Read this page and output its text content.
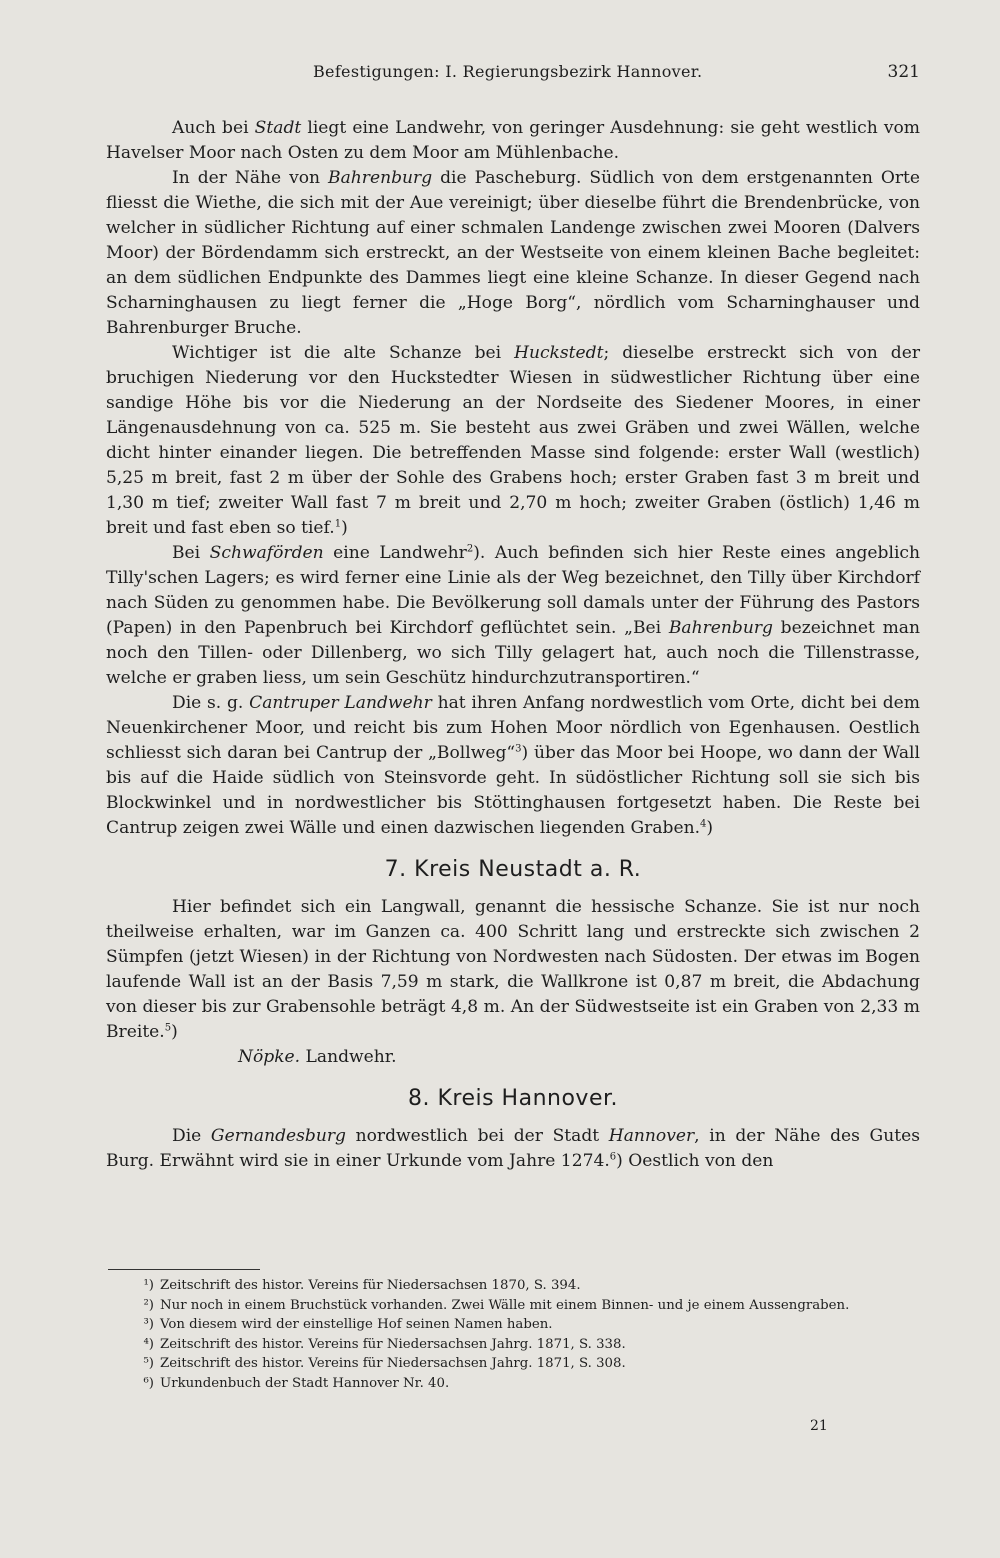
Befestigungen: I. Regierungsbezirk Hannover.	321

Auch bei Stadt liegt eine Landwehr, von geringer Ausdehnung: sie geht westlich vom Havelser Moor nach Osten zu dem Moor am Mühlenbache.

In der Nähe von Bahrenburg die Pascheburg. Südlich von dem erstgenannten Orte fliesst die Wiethe, die sich mit der Aue vereinigt; über dieselbe führt die Brendenbrücke, von welcher in südlicher Richtung auf einer schmalen Landenge zwischen zwei Mooren (Dalvers Moor) der Bördendamm sich erstreckt, an der Westseite von einem kleinen Bache begleitet: an dem südlichen Endpunkte des Dammes liegt eine kleine Schanze. In dieser Gegend nach Scharninghausen zu liegt ferner die „Hoge Borg“, nördlich vom Scharninghauser und Bahrenburger Bruche.

Wichtiger ist die alte Schanze bei Huckstedt; dieselbe erstreckt sich von der bruchigen Niederung vor den Huckstedter Wiesen in südwestlicher Richtung über eine sandige Höhe bis vor die Niederung an der Nordseite des Siedener Moores, in einer Längenausdehnung von ca. 525 m. Sie besteht aus zwei Gräben und zwei Wällen, welche dicht hinter einander liegen. Die betreffenden Masse sind folgende: erster Wall (westlich) 5,25 m breit, fast 2 m über der Sohle des Grabens hoch; erster Graben fast 3 m breit und 1,30 m tief; zweiter Wall fast 7 m breit und 2,70 m hoch; zweiter Graben (östlich) 1,46 m breit und fast eben so tief.$^1$)

Bei Schwaförden eine Landwehr$^2$). Auch befinden sich hier Reste eines angeblich Tilly'schen Lagers; es wird ferner eine Linie als der Weg bezeichnet, den Tilly über Kirchdorf nach Süden zu genommen habe. Die Bevölkerung soll damals unter der Führung des Pastors (Papen) in den Papenbruch bei Kirchdorf geflüchtet sein. „Bei Bahrenburg bezeichnet man noch den Tillen- oder Dillenberg, wo sich Tilly gelagert hat, auch noch die Tillenstrasse, welche er graben liess, um sein Geschütz hindurchzutransportiren.“

Die s. g. Cantruper Landwehr hat ihren Anfang nordwestlich vom Orte, dicht bei dem Neuenkirchener Moor, und reicht bis zum Hohen Moor nördlich von Egenhausen. Oestlich schliesst sich daran bei Cantrup der „Bollweg“$^3$) über das Moor bei Hoope, wo dann der Wall bis auf die Haide südlich von Steinsvorde geht. In südöstlicher Richtung soll sie sich bis Blockwinkel und in nordwestlicher bis Stöttinghausen fortgesetzt haben. Die Reste bei Cantrup zeigen zwei Wälle und einen dazwischen liegenden Graben.$^4$)

7. Kreis Neustadt a. R.

Hier befindet sich ein Langwall, genannt die hessische Schanze. Sie ist nur noch theilweise erhalten, war im Ganzen ca. 400 Schritt lang und erstreckte sich zwischen 2 Sümpfen (jetzt Wiesen) in der Richtung von Nordwesten nach Südosten. Der etwas im Bogen laufende Wall ist an der Basis 7,59 m stark, die Wallkrone ist 0,87 m breit, die Abdachung von dieser bis zur Grabensohle beträgt 4,8 m. An der Südwestseite ist ein Graben von 2,33 m Breite.$^5$)

Nöpke. Landwehr.

8. Kreis Hannover.

Die Gernandesburg nordwestlich bei der Stadt Hannover, in der Nähe des Gutes Burg. Erwähnt wird sie in einer Urkunde vom Jahre 1274.$^6$) Oestlich von den

¹) Zeitschrift des histor. Vereins für Niedersachsen 1870, S. 394.

²) Nur noch in einem Bruchstück vorhanden. Zwei Wälle mit einem Binnen- und je einem Aussengraben.

³) Von diesem wird der einstellige Hof seinen Namen haben.

⁴) Zeitschrift des histor. Vereins für Niedersachsen Jahrg. 1871, S. 338.

⁵) Zeitschrift des histor. Vereins für Niedersachsen Jahrg. 1871, S. 308.

⁶) Urkundenbuch der Stadt Hannover Nr. 40.

21
